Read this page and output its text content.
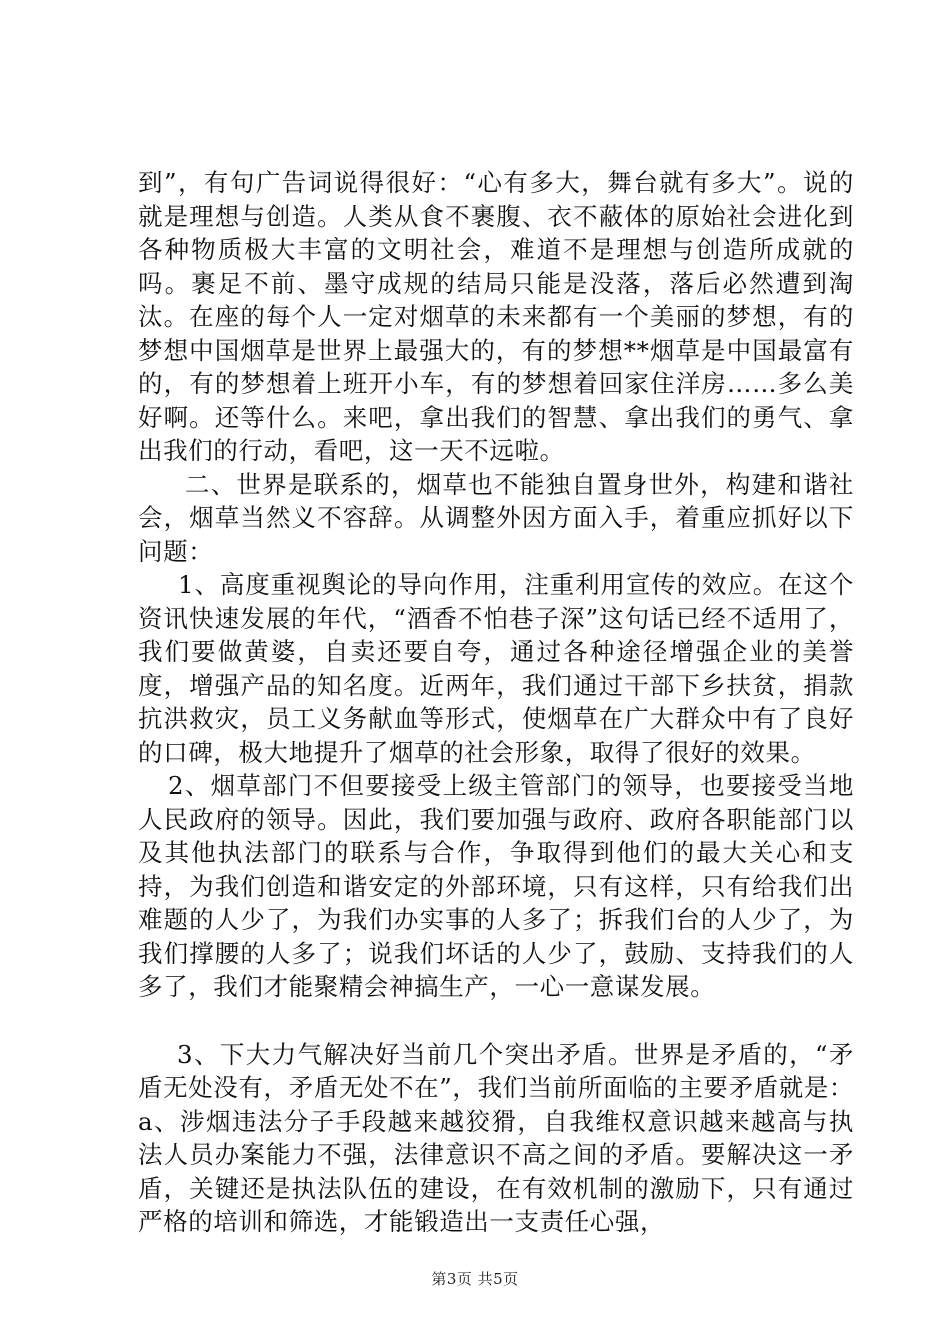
到”，有句广告词说得很好：“心有多大，舞台就有多大”。说的就是理想与创造。人类从食不裹腹、衣不蔽体的原始社会进化到各种物质极大丰富的文明社会，难道不是理想与创造所成就的吗。裹足不前、墨守成规的结局只能是没落，落后必然遭到淘汰。在座的每个人一定对烟草的未来都有一个美丽的梦想，有的梦想中国烟草是世界上最强大的，有的梦想**烟草是中国最富有的，有的梦想着上班开小车，有的梦想着回家住洋房……多么美好啊。还等什么。来吧，拿出我们的智慧、拿出我们的勇气、拿出我们的行动，看吧，这一天不远啦。

二、世界是联系的，烟草也不能独自置身世外，构建和谐社会，烟草当然义不容辞。从调整外因方面入手，着重应抓好以下问题：

1、高度重视舆论的导向作用，注重利用宣传的效应。在这个资讯快速发展的年代，“酒香不怕巷子深”这句话已经不适用了，我们要做黄婆，自卖还要自夸，通过各种途径增强企业的美誉度，增强产品的知名度。近两年，我们通过干部下乡扶贫，捐款抗洪救灾，员工义务献血等形式，使烟草在广大群众中有了良好的口碑，极大地提升了烟草的社会形象，取得了很好的效果。

2、烟草部门不但要接受上级主管部门的领导，也要接受当地人民政府的领导。因此，我们要加强与政府、政府各职能部门以及其他执法部门的联系与合作，争取得到他们的最大关心和支持，为我们创造和谐安定的外部环境，只有这样，只有给我们出难题的人少了，为我们办实事的人多了；拆我们台的人少了，为我们撑腰的人多了；说我们坏话的人少了，鼓励、支持我们的人多了，我们才能聚精会神搞生产，一心一意谋发展。

3、下大力气解决好当前几个突出矛盾。世界是矛盾的，“矛盾无处没有，矛盾无处不在”，我们当前所面临的主要矛盾就是：a、涉烟违法分子手段越来越狡猾，自我维权意识越来越高与执法人员办案能力不强，法律意识不高之间的矛盾。要解决这一矛盾，关键还是执法队伍的建设，在有效机制的激励下，只有通过严格的培训和筛选，才能锻造出一支责任心强，

第3页 共5页
